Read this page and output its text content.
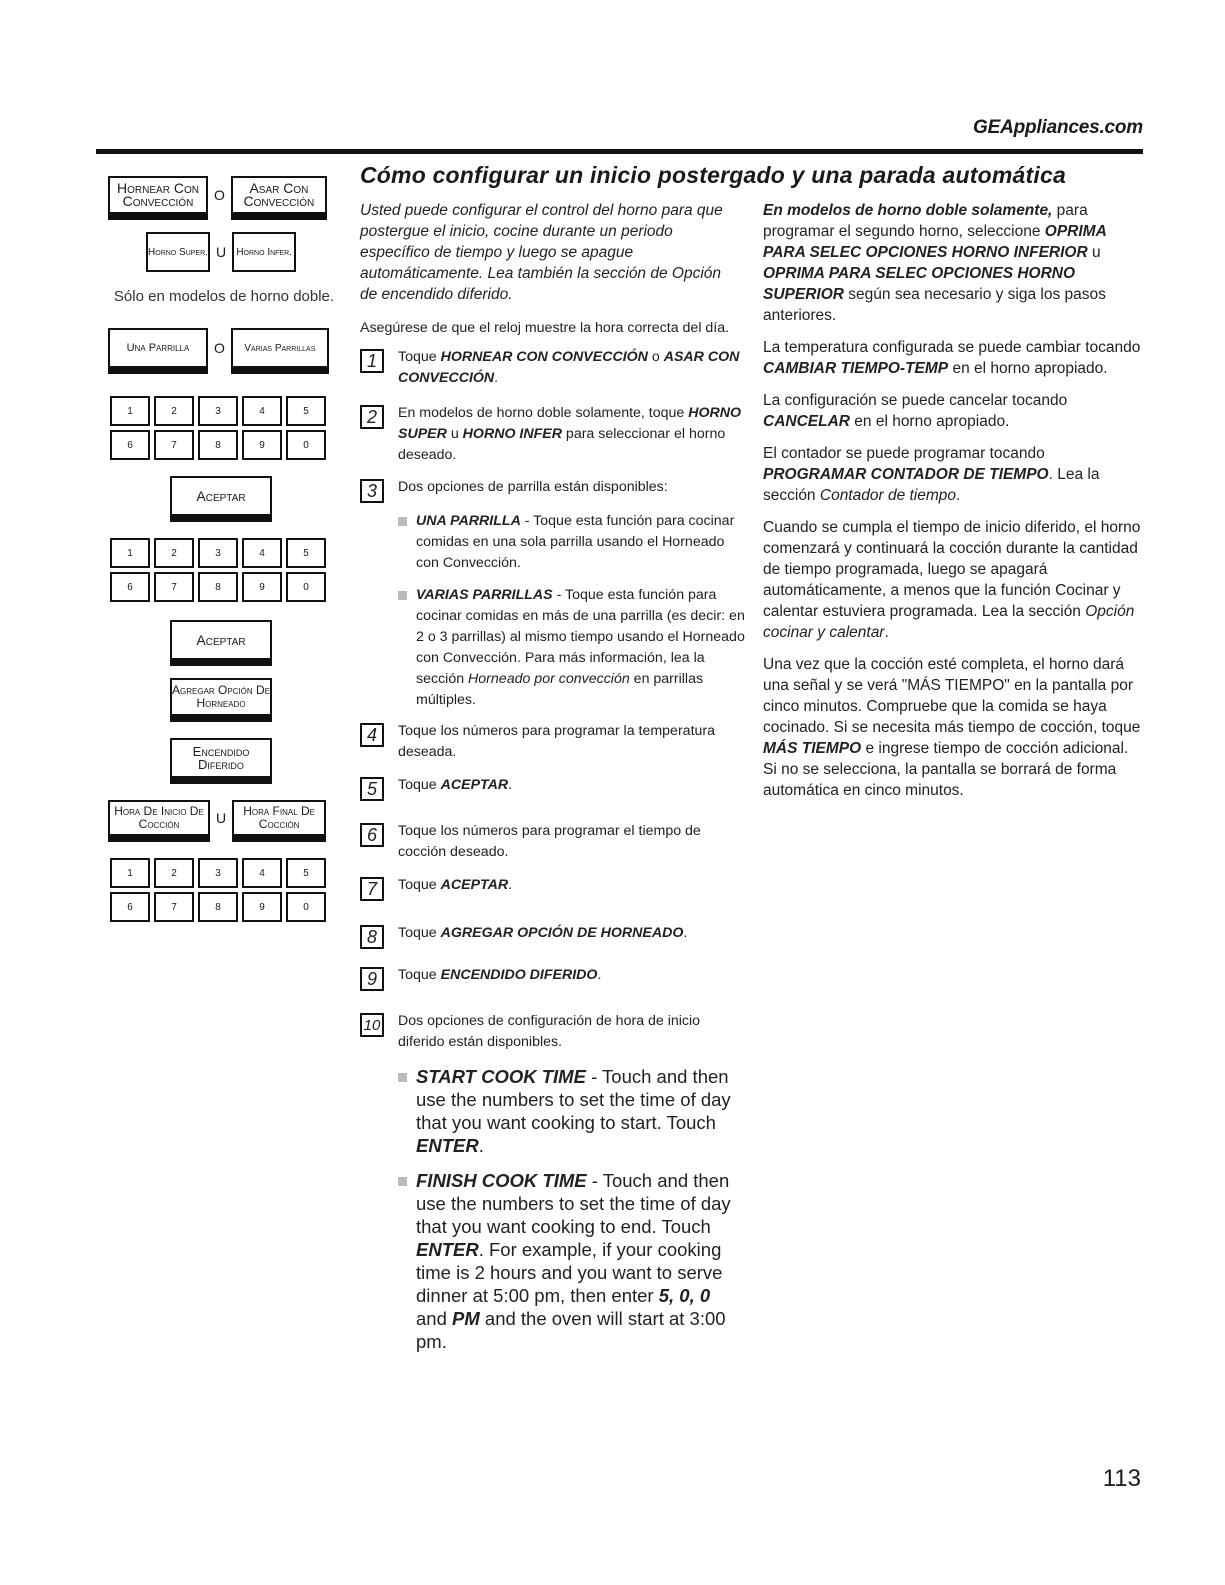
GEAppliances.com
Cómo configurar un inicio postergado y una parada automática
Hornear Con Convección	O	Asar Con Convección
Horno Super. U	Horno Infer.
Sólo en modelos de horno doble.
Una Parrilla	O	Varias Parrillas
1	2	3	4	5
6	7	8	9	0
Aceptar
1	2	3	4	5
6	7	8	9	0
Aceptar
Agregar Opción De Horneado
Encendido Diferido
Hora De Inicio De Cocción	U	Hora Final De Cocción
1	2	3	4	5
6	7	8	9	0
Usted puede configurar el control del horno para que postergue el inicio, cocine durante un periodo específico de tiempo y luego se apague automáticamente. Lea también la sección de Opción de encendido diferido.
Asegúrese de que el reloj muestre la hora correcta del día.
1	Toque HORNEAR CON CONVECCIÓN o ASAR CON CONVECCIÓN.
2	En modelos de horno doble solamente, toque HORNO SUPER u HORNO INFER para seleccionar el horno deseado.
3	Dos opciones de parrilla están disponibles:
UNA PARRILLA - Toque esta función para cocinar comidas en una sola parrilla usando el Horneado con Convección.
VARIAS PARRILLAS - Toque esta función para cocinar comidas en más de una parrilla (es decir: en 2 o 3 parrillas) al mismo tiempo usando el Horneado con Convección. Para más información, lea la sección Horneado por convección en parrillas múltiples.
4	Toque los números para programar la temperatura deseada.
5	Toque ACEPTAR.
6	Toque los números para programar el tiempo de cocción deseado.
7	Toque ACEPTAR.
8	Toque AGREGAR OPCIÓN DE HORNEADO.
9	Toque ENCENDIDO DIFERIDO.
10 Dos opciones de configuración de hora de inicio diferido están disponibles.
START COOK TIME - Touch and then use the numbers to set the time of day that you want cooking to start. Touch ENTER.
FINISH COOK TIME - Touch and then use the numbers to set the time of day that you want cooking to end. Touch ENTER. For example, if your cooking time is 2 hours and you want to serve dinner at 5:00 pm, then enter 5, 0, 0 and PM and the oven will start at 3:00 pm.

En modelos de horno doble solamente, para programar el segundo horno, seleccione OPRIMA PARA SELEC OPCIONES HORNO INFERIOR u OPRIMA PARA SELEC OPCIONES HORNO SUPERIOR según sea necesario y siga los pasos anteriores.

La temperatura configurada se puede cambiar tocando CAMBIAR TIEMPO-TEMP en el horno apropiado.

La configuración se puede cancelar tocando CANCELAR en el horno apropiado.

El contador se puede programar tocando PROGRAMAR CONTADOR DE TIEMPO. Lea la sección Contador de tiempo.

Cuando se cumpla el tiempo de inicio diferido, el horno comenzará y continuará la cocción durante la cantidad de tiempo programada, luego se apagará automáticamente, a menos que la función Cocinar y calentar estuviera programada. Lea la sección Opción cocinar y calentar.

Una vez que la cocción esté completa, el horno dará una señal y se verá "MÁS TIEMPO" en la pantalla por cinco minutos. Compruebe que la comida se haya cocinado. Si se necesita más tiempo de cocción, toque MÁS TIEMPO e ingrese tiempo de cocción adicional. Si no se selecciona, la pantalla se borrará de forma automática en cinco minutos.

113
